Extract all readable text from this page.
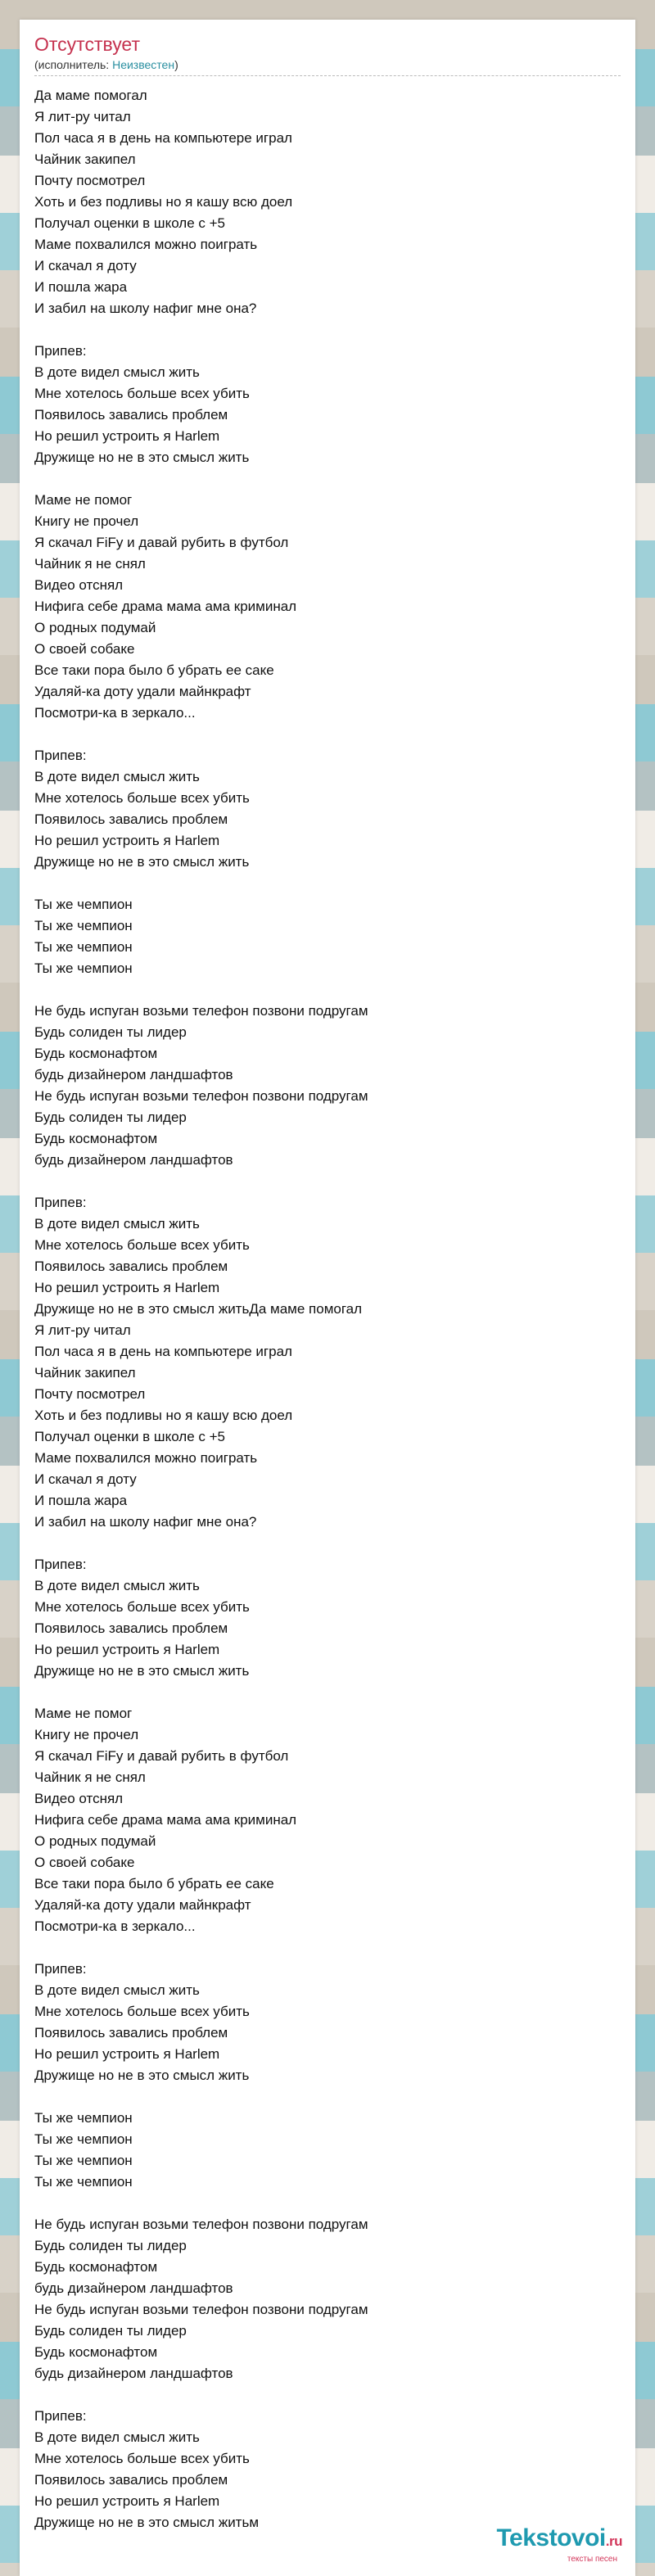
Отсутствует
(исполнитель: Неизвестен)
Да маме помогал
Я лит-ру читал
Пол часа я в день на компьютере играл
Чайник закипел
Почту посмотрел
Хоть и без подливы но я кашу всю доел
Получал оценки в школе с +5
Маме похвалился можно поиграть
И скачал я доту
И пошла жара
И забил на школу нафиг мне она?
Припев:
В доте видел смысл жить
Мне хотелось больше всех убить
Появилось завались проблем
Но решил устроить я Harlem
Дружище но не в это смысл жить
Маме не помог
Книгу не прочел
Я скачал FiFy и давай рубить в футбол
Чайник я не снял
Видео отснял
Нифига себе драма мама ама криминал
О родных подумай
О своей собаке
Все таки пора было б убрать ее саке
Удаляй-ка доту удали майнкрафт
Посмотри-ка в зеркало...
Припев:
В доте видел смысл жить
Мне хотелось больше всех убить
Появилось завались проблем
Но решил устроить я Harlem
Дружище но не в это смысл жить
Ты же чемпион
Ты же чемпион
Ты же чемпион
Ты же чемпион
Не будь испуган возьми телефон позвони подругам
Будь солиден ты лидер
Будь космонафтом
будь дизайнером ландшафтов
Не будь испуган возьми телефон позвони подругам
Будь солиден ты лидер
Будь космонафтом
будь дизайнером ландшафтов
Припев:
В доте видел смысл жить
Мне хотелось больше всех убить
Появилось завались проблем
Но решил устроить я Harlem
Дружище но не в это смысл житьДа маме помогал
Я лит-ру читал
Пол часа я в день на компьютере играл
Чайник закипел
Почту посмотрел
Хоть и без подливы но я кашу всю доел
Получал оценки в школе с +5
Маме похвалился можно поиграть
И скачал я доту
И пошла жара
И забил на школу нафиг мне она?
Припев:
В доте видел смысл жить
Мне хотелось больше всех убить
Появилось завались проблем
Но решил устроить я Harlem
Дружище но не в это смысл жить
Маме не помог
Книгу не прочел
Я скачал FiFy и давай рубить в футбол
Чайник я не снял
Видео отснял
Нифига себе драма мама ама криминал
О родных подумай
О своей собаке
Все таки пора было б убрать ее саке
Удаляй-ка доту удали майнкрафт
Посмотри-ка в зеркало...
Припев:
В доте видел смысл жить
Мне хотелось больше всех убить
Появилось завались проблем
Но решил устроить я Harlem
Дружище но не в это смысл жить
Ты же чемпион
Ты же чемпион
Ты же чемпион
Ты же чемпион
Не будь испуган возьми телефон позвони подругам
Будь солиден ты лидер
Будь космонафтом
будь дизайнером ландшафтов
Не будь испуган возьми телефон позвони подругам
Будь солиден ты лидер
Будь космонафтом
будь дизайнером ландшафтов
Припев:
В доте видел смысл жить
Мне хотелось больше всех убить
Появилось завались проблем
Но решил устроить я Harlem
Дружище но не в это смысл житьм
Tekstovoi.ru
тексты песен
